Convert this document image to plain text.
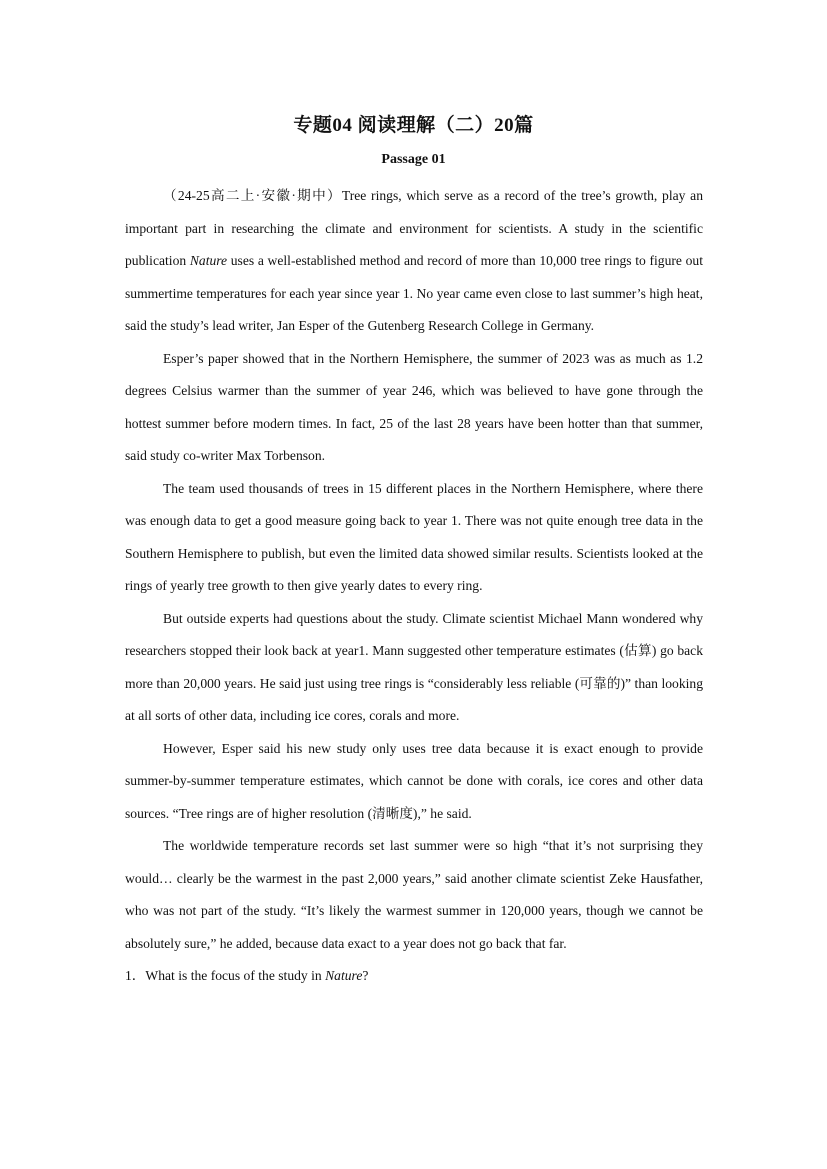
专题04 阅读理解（二）20篇
Passage 01

（24-25高二上·安徽·期中）Tree rings, which serve as a record of the tree’s growth, play an important part in researching the climate and environment for scientists. A study in the scientific publication Nature uses a well-established method and record of more than 10,000 tree rings to figure out summertime temperatures for each year since year 1. No year came even close to last summer’s high heat, said the study’s lead writer, Jan Esper of the Gutenberg Research College in Germany.

Esper’s paper showed that in the Northern Hemisphere, the summer of 2023 was as much as 1.2 degrees Celsius warmer than the summer of year 246, which was believed to have gone through the hottest summer before modern times. In fact, 25 of the last 28 years have been hotter than that summer, said study co-writer Max Torbenson.

The team used thousands of trees in 15 different places in the Northern Hemisphere, where there was enough data to get a good measure going back to year 1. There was not quite enough tree data in the Southern Hemisphere to publish, but even the limited data showed similar results. Scientists looked at the rings of yearly tree growth to then give yearly dates to every ring.

But outside experts had questions about the study. Climate scientist Michael Mann wondered why researchers stopped their look back at year1. Mann suggested other temperature estimates (估算) go back more than 20,000 years. He said just using tree rings is “considerably less reliable (可靠的)” than looking at all sorts of other data, including ice cores, corals and more.

However, Esper said his new study only uses tree data because it is exact enough to provide summer-by-summer temperature estimates, which cannot be done with corals, ice cores and other data sources. “Tree rings are of higher resolution (清晰度),” he said.

The worldwide temperature records set last summer were so high “that it’s not surprising they would… clearly be the warmest in the past 2,000 years,” said another climate scientist Zeke Hausfather, who was not part of the study. “It’s likely the warmest summer in 120,000 years, though we cannot be absolutely sure,” he added, because data exact to a year does not go back that far.

1．What is the focus of the study in Nature?
